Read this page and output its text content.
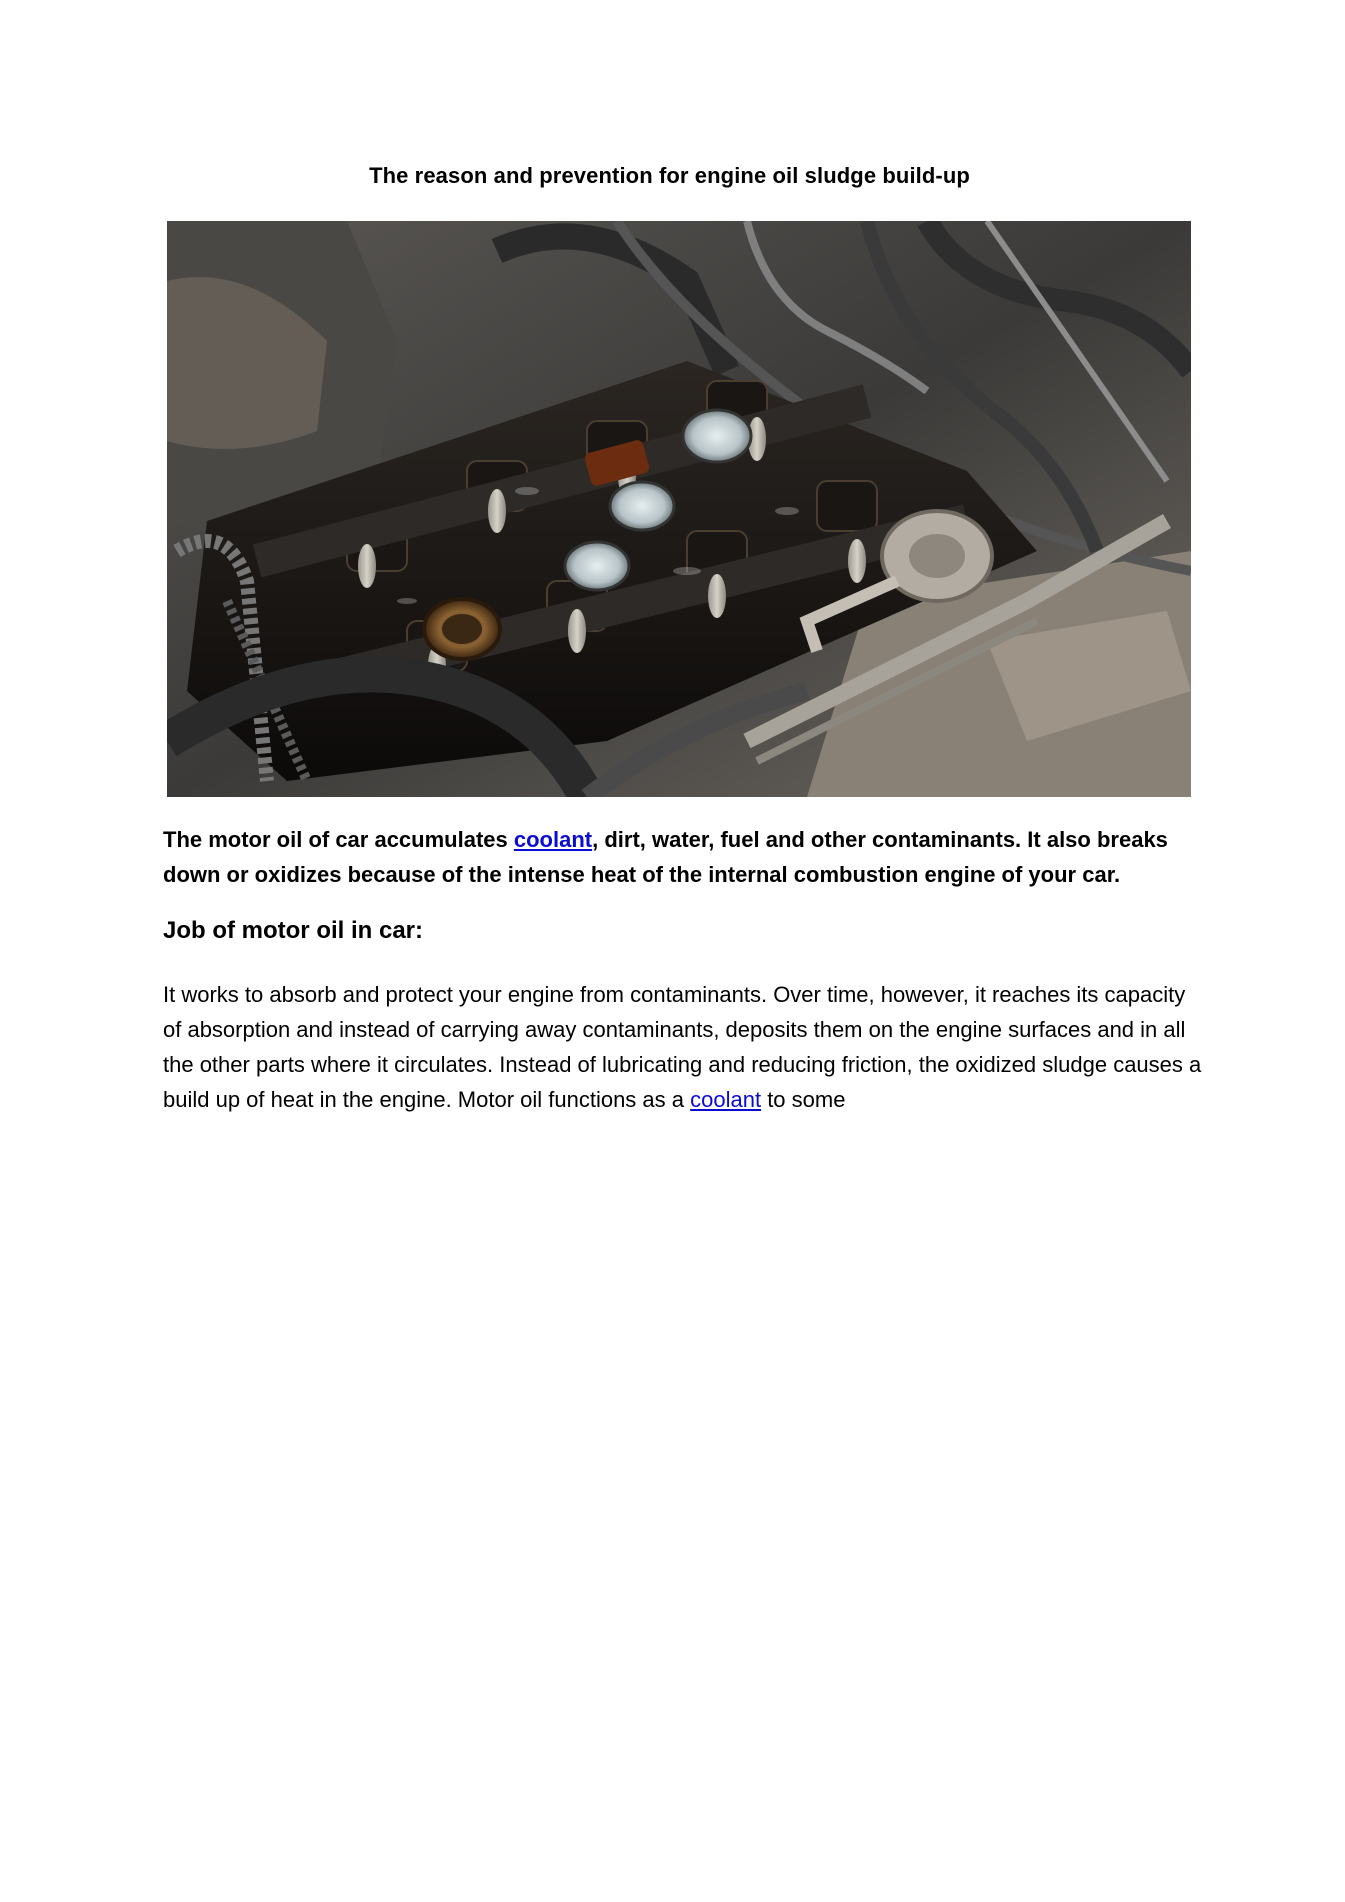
The reason and prevention for engine oil sludge build-up
The motor oil of car accumulates coolant, dirt, water, fuel and other contaminants. It also breaks down or oxidizes because of the intense heat of the internal combustion engine of your car.
Job of motor oil in car:
It works to absorb and protect your engine from contaminants. Over time, however, it reaches its capacity of absorption and instead of carrying away contaminants, deposits them on the engine surfaces and in all the other parts where it circulates. Instead of lubricating and reducing friction, the oxidized sludge causes a build up of heat in the engine. Motor oil functions as a coolant to some
